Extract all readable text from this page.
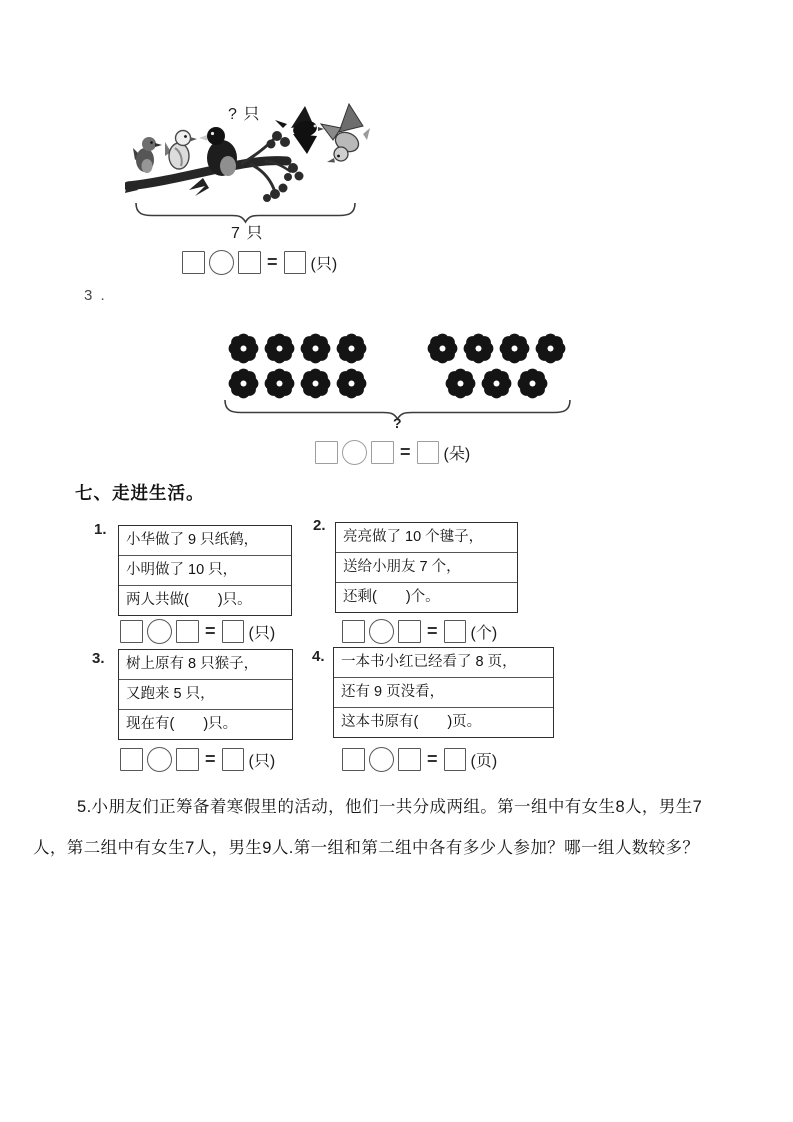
? 只
7 只
= (只)
3 .
?
= (朵)
七、走进生活。
1.
小华做了 9 只纸鹤，
小明做了 10 只，
两人共做(　　)只。
= (只)
2.
亮亮做了 10 个毽子，
送给小朋友 7 个，
还剩(　　)个。
= (个)
3.	树上原有 8 只猴子，
又跑来 5 只，
现在有(　　)只。
= (只)
4.	一本书小红已经看了 8 页，
还有 9 页没看，
这本书原有(　　)页。
= (页)
5.小朋友们正筹备着寒假里的活动，他们一共分成两组。第一组中有女生8人，男生7
人，第二组中有女生7人，男生9人.第一组和第二组中各有多少人参加？哪一组人数较多？
